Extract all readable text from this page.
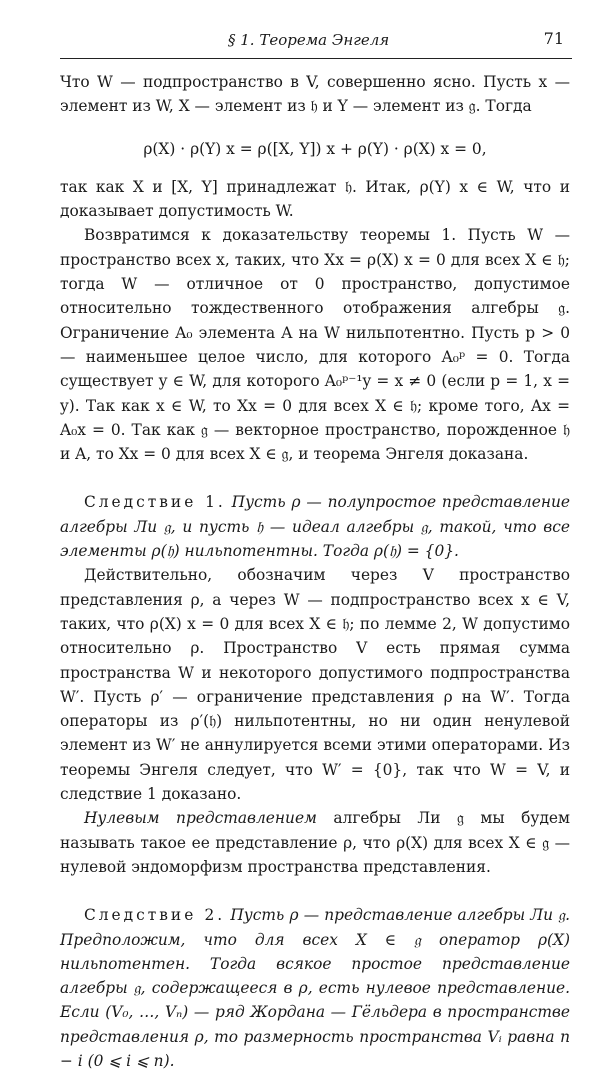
§ 1. Теорема Энгеля	71

Что W — подпространство в V, совершенно ясно. Пусть x — элемент из W, X — элемент из 𝔥 и Y — элемент из 𝔤. Тогда

ρ(X) · ρ(Y) x = ρ([X, Y]) x + ρ(Y) · ρ(X) x = 0,

так как X и [X, Y] принадлежат 𝔥. Итак, ρ(Y) x ∈ W, что и доказывает допустимость W.

Возвратимся к доказательству теоремы 1. Пусть W — пространство всех x, таких, что Xx = ρ(X) x = 0 для всех X ∈ 𝔥; тогда W — отличное от 0 пространство, допустимое относительно тождественного отображения алгебры 𝔤. Ограничение A₀ элемента A на W нильпотентно. Пусть p > 0 — наименьшее целое число, для которого A₀ᵖ = 0. Тогда существует y ∈ W, для которого A₀ᵖ⁻¹y = x ≠ 0 (если p = 1, x = y). Так как x ∈ W, то Xx = 0 для всех X ∈ 𝔥; кроме того, Ax = A₀x = 0. Так как 𝔤 — векторное пространство, порожденное 𝔥 и A, то Xx = 0 для всех X ∈ 𝔤, и теорема Энгеля доказана.

Следствие 1. Пусть ρ — полупростое представление алгебры Ли 𝔤, и пусть 𝔥 — идеал алгебры 𝔤, такой, что все элементы ρ(𝔥) нильпотентны. Тогда ρ(𝔥) = {0}.

Действительно, обозначим через V пространство представления ρ, а через W — подпространство всех x ∈ V, таких, что ρ(X) x = 0 для всех X ∈ 𝔥; по лемме 2, W допустимо относительно ρ. Пространство V есть прямая сумма пространства W и некоторого допустимого подпространства W′. Пусть ρ′ — ограничение представления ρ на W′. Тогда операторы из ρ′(𝔥) нильпотентны, но ни один ненулевой элемент из W′ не аннулируется всеми этими операторами. Из теоремы Энгеля следует, что W′ = {0}, так что W = V, и следствие 1 доказано.

Нулевым представлением алгебры Ли 𝔤 мы будем называть такое ее представление ρ, что ρ(X) для всех X ∈ 𝔤 — нулевой эндоморфизм пространства представления.

Следствие 2. Пусть ρ — представление алгебры Ли 𝔤. Предположим, что для всех X ∈ 𝔤 оператор ρ(X) нильпотентен. Тогда всякое простое представление алгебры 𝔤, содержащееся в ρ, есть нулевое представление. Если (V₀, …, Vₙ) — ряд Жордана — Гёльдера в пространстве представления ρ, то размерность пространства Vᵢ равна n − i (0 ⩽ i ⩽ n).
